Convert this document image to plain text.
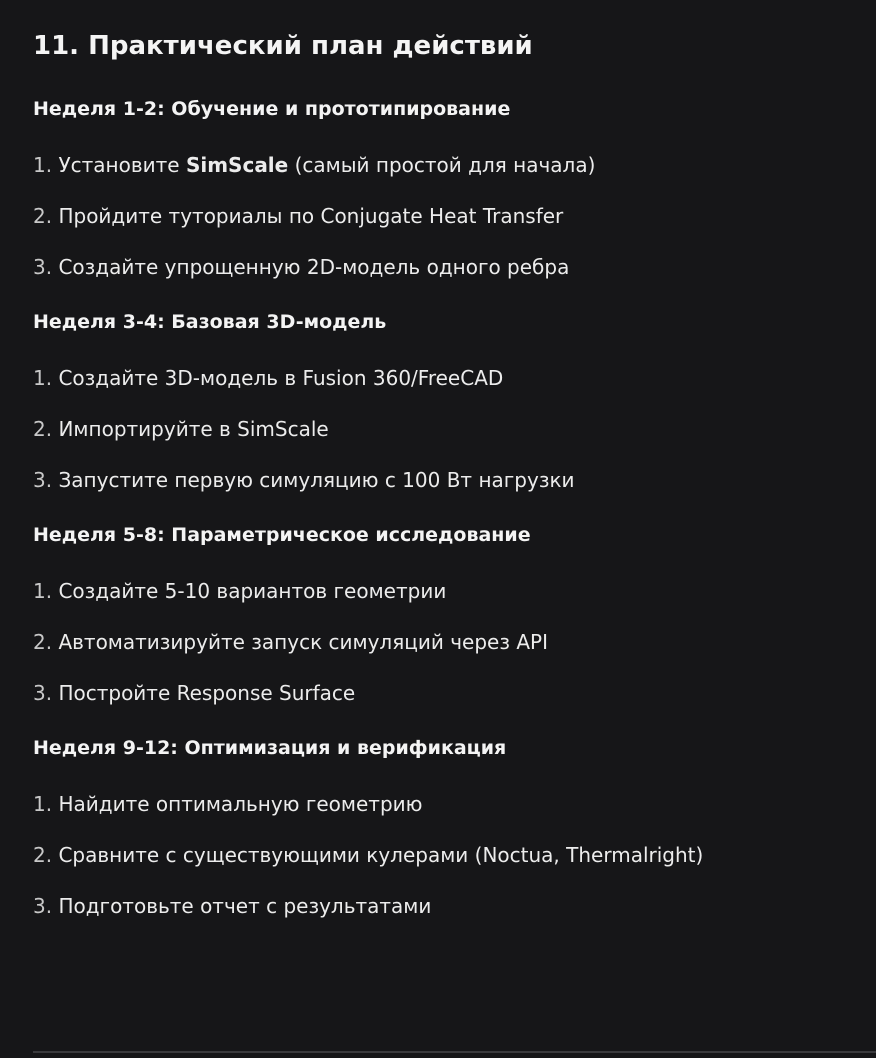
11. Практический план действий
Неделя 1-2: Обучение и прототипирование
1. Установите SimScale (самый простой для начала)
2. Пройдите туториалы по Conjugate Heat Transfer
3. Создайте упрощенную 2D-модель одного ребра
Неделя 3-4: Базовая 3D-модель
1. Создайте 3D-модель в Fusion 360/FreeCAD
2. Импортируйте в SimScale
3. Запустите первую симуляцию с 100 Вт нагрузки
Неделя 5-8: Параметрическое исследование
1. Создайте 5-10 вариантов геометрии
2. Автоматизируйте запуск симуляций через API
3. Постройте Response Surface
Неделя 9-12: Оптимизация и верификация
1. Найдите оптимальную геометрию
2. Сравните с существующими кулерами (Noctua, Thermalright)
3. Подготовьте отчет с результатами
